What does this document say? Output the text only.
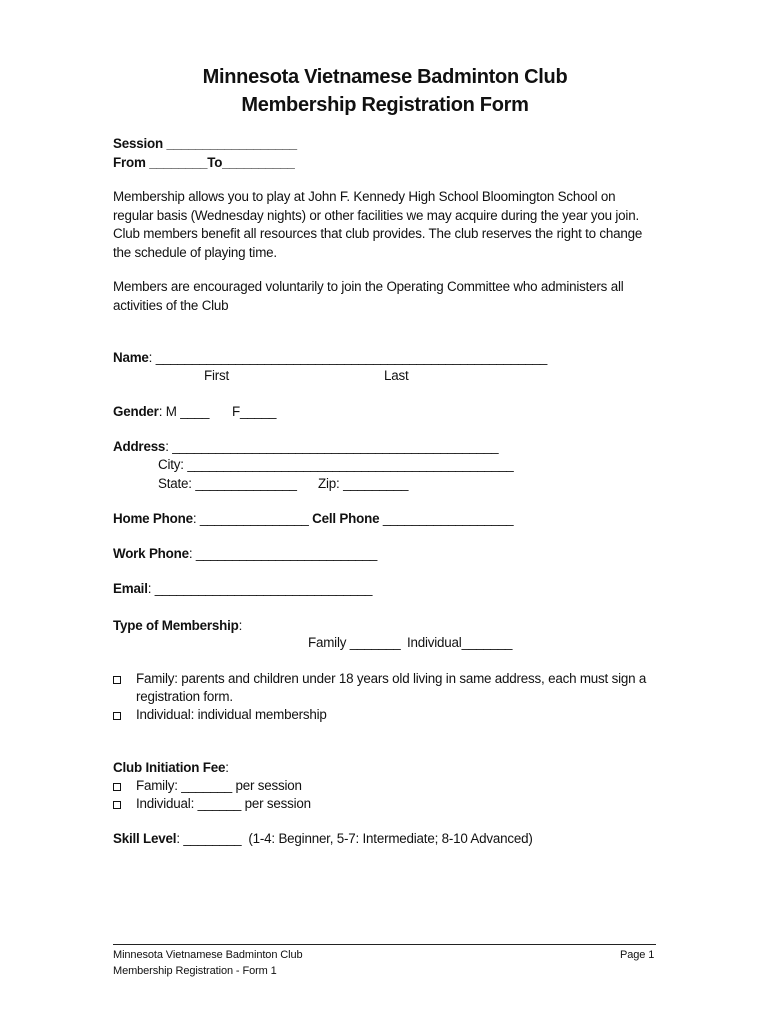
Minnesota Vietnamese Badminton Club
Membership Registration Form
Session __________________
From ________To__________
Membership allows you to play at John F. Kennedy High School Bloomington School on regular basis (Wednesday nights) or other facilities we may acquire during the year you join. Club members benefit all resources that club provides. The club reserves the right to change the schedule of playing time.
Members are encouraged voluntarily to join the Operating Committee who administers all activities of the Club
Name: ______________________________________________________
First	Last
Gender: M ____ F_____
Address: _____________________________________________
City: _____________________________________________
State: ______________ Zip: _________
Home Phone: _______________ Cell Phone __________________
Work Phone: _________________________
Email: ______________________________
Type of Membership:
Family _______ Individual_______
Family: parents and children under 18 years old living in same address, each must sign a
registration form.
Individual: individual membership
Club Initiation Fee:
Family: _______ per session
Individual: ______ per session
Skill Level: ________ (1-4: Beginner, 5-7: Intermediate; 8-10 Advanced)
Minnesota Vietnamese Badminton Club
Membership Registration - Form 1
Page 1
